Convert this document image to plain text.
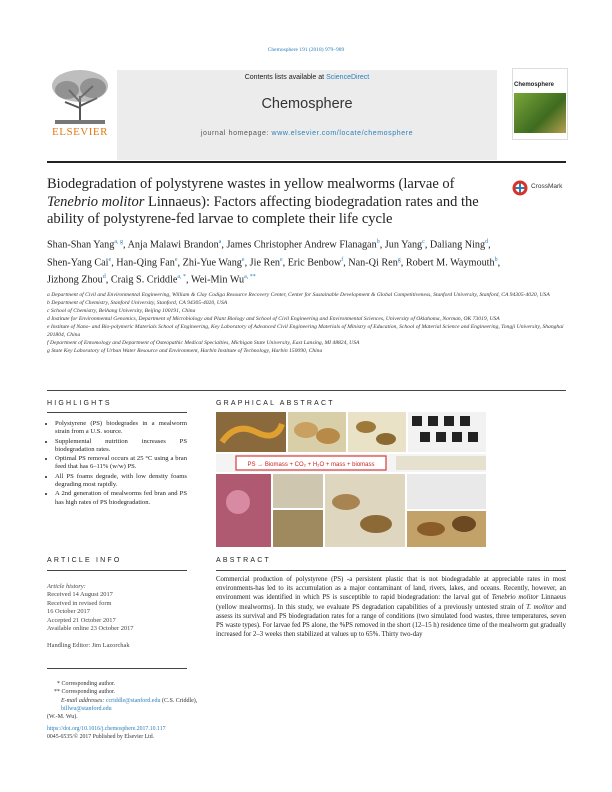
Chemosphere 191 (2018) 979–989
ELSEVIER
Contents lists available at ScienceDirect
Chemosphere
journal homepage: www.elsevier.com/locate/chemosphere
Chemosphere
Biodegradation of polystyrene wastes in yellow mealworms (larvae of Tenebrio molitor Linnaeus): Factors affecting biodegradation rates and the ability of polystyrene-fed larvae to complete their life cycle
CrossMark
Shan-Shan Yang$^{a, g}$, Anja Malawi Brandon$^a$, James Christopher Andrew Flanagan$^b$, Jun Yang$^c$, Daliang Ning$^d$, Shen-Yang Cai$^e$, Han-Qing Fan$^e$, Zhi-Yue Wang$^e$, Jie Ren$^e$, Eric Benbow$^f$, Nan-Qi Ren$^g$, Robert M. Waymouth$^b$, Jizhong Zhou$^d$, Craig S. Criddle$^{a, *}$, Wei-Min $Wu^{a, **}$
a Department of Civil and Environmental Engineering, William & Clay Codiga Resource Recovery Center, Center for Sustainable Development & Global Competitiveness, Stanford University, Stanford, CA 94305-4020, USA
b Department of Chemistry, Stanford University, Stanford, CA 94305-4020, USA
c School of Chemistry, Beihang University, Beijing 100191, China
d Institute for Environmental Genomics, Department of Microbiology and Plant Biology and School of Civil Engineering and Environmental Sciences, University of Oklahoma, Norman, OK 73019, USA
e Institute of Nano- and Bio-polymeric Materials School of Engineering, Key Laboratory of Advanced Civil Engineering Materials of Ministry of Education, School of Material Science and Engineering, Tongji University, Shanghai 201804, China
f Department of Entomology and Department of Osteopathic Medical Specialties, Michigan State University, East Lansing, MI 48824, USA
g State Key Laboratory of Urban Water Resource and Environment, Harbin Institute of Technology, Harbin 150090, China
HIGHLIGHTS	GRAPHICAL ABSTRACT
ARTICLE INFO	ABSTRACT
• Polystyrene (PS) biodegrades in a mealworm strain from a U.S. source.
• Supplemental nutrition increases PS biodegradation rates.
• Optimal PS removal occurs at 25 °C using a bran feed that has 6–11% (w/w) PS.
• All PS foams degrade, with low density foams degrading most rapidly.
• A 2nd generation of mealworms fed bran and PS has high rates of PS biodegradation.
PS → Biomass + CO₂ + H₂O + mass + biomass
Article history:
Received 14 August 2017
Received in revised form
16 October 2017
Accepted 21 October 2017
Available online 23 October 2017
Handling Editor: Jim Lazorchak
Commercial production of polystyrene (PS) -a persistent plastic that is not biodegradable at appreciable rates in most environments-has led to its accumulation as a major contaminant of land, rivers, lakes, and oceans. Recently, however, an environment was identified in which PS is susceptible to rapid biodegradation: the larval gut of Tenebrio molitor Linnaeus (yellow mealworms). In this study, we evaluate PS degradation capabilities of a previously untested strain of T. molitor and assess its survival and PS biodegradation rates for a range of conditions (two simulated food wastes, three temperatures, seven PS waste types). For larvae fed PS alone, the %PS removed in the short (12–15 h) residence time of the mealworm gut gradually increased for 2–3 weeks then stabilized at values up to 65%. Thirty two-day
* Corresponding author.
** Corresponding author.
E-mail addresses: ccriddle@stanford.edu (C.S. Criddle), billwu@stanford.edu
(W.-M. Wu).
https://doi.org/10.1016/j.chemosphere.2017.10.117
0045-6535/© 2017 Published by Elsevier Ltd.
